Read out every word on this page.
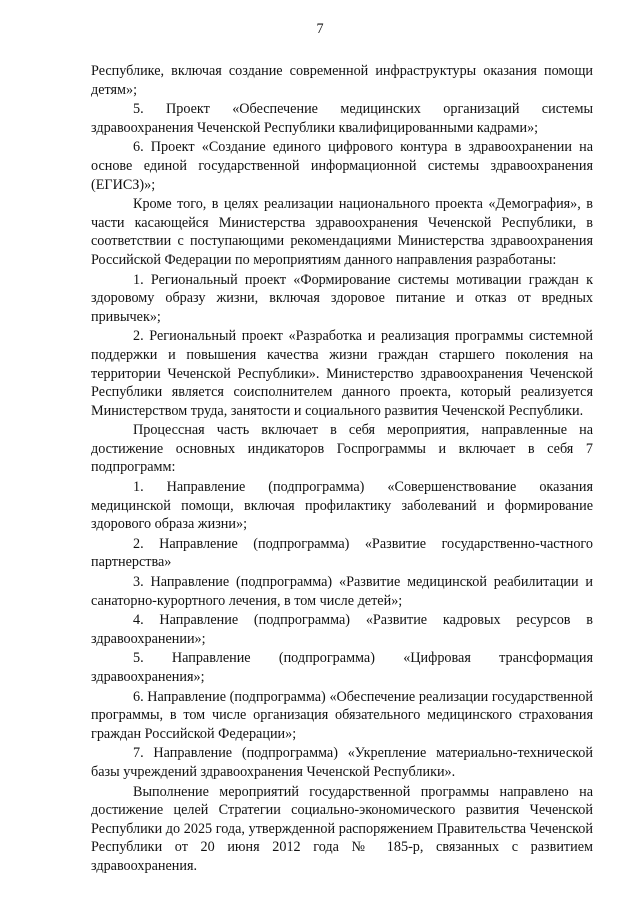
7

Республике, включая создание современной инфраструктуры оказания помощи детям»;

5. Проект «Обеспечение медицинских организаций системы здравоохранения Чеченской Республики квалифицированными кадрами»;

6. Проект «Создание единого цифрового контура в здравоохранении на основе единой государственной информационной системы здравоохранения (ЕГИСЗ)»;

Кроме того, в целях реализации национального проекта «Демография», в части касающейся Министерства здравоохранения Чеченской Республики, в соответствии с поступающими рекомендациями Министерства здравоохранения Российской Федерации по мероприятиям данного направления разработаны:

1. Региональный проект «Формирование системы мотивации граждан к здоровому образу жизни, включая здоровое питание и отказ от вредных привычек»;

2. Региональный проект «Разработка и реализация программы системной поддержки и повышения качества жизни граждан старшего поколения на территории Чеченской Республики». Министерство здравоохранения Чеченской Республики является соисполнителем данного проекта, который реализуется Министерством труда, занятости и социального развития Чеченской Республики.

Процессная часть включает в себя мероприятия, направленные на достижение основных индикаторов Госпрограммы и включает в себя 7 подпрограмм:

1. Направление (подпрограмма) «Совершенствование оказания медицинской помощи, включая профилактику заболеваний и формирование здорового образа жизни»;

2. Направление (подпрограмма) «Развитие государственно-частного партнерства»

3. Направление (подпрограмма) «Развитие медицинской реабилитации и санаторно-курортного лечения, в том числе детей»;

4. Направление (подпрограмма) «Развитие кадровых ресурсов в здравоохранении»;

5. Направление (подпрограмма) «Цифровая трансформация здравоохранения»;

6. Направление (подпрограмма) «Обеспечение реализации государственной программы, в том числе организация обязательного медицинского страхования граждан Российской Федерации»;

7. Направление (подпрограмма) «Укрепление материально-технической базы учреждений здравоохранения Чеченской Республики».

Выполнение мероприятий государственной программы направлено на достижение целей Стратегии социально-экономического развития Чеченской Республики до 2025 года, утвержденной распоряжением Правительства Чеченской Республики от 20 июня 2012 года № 185-р, связанных с развитием здравоохранения.
